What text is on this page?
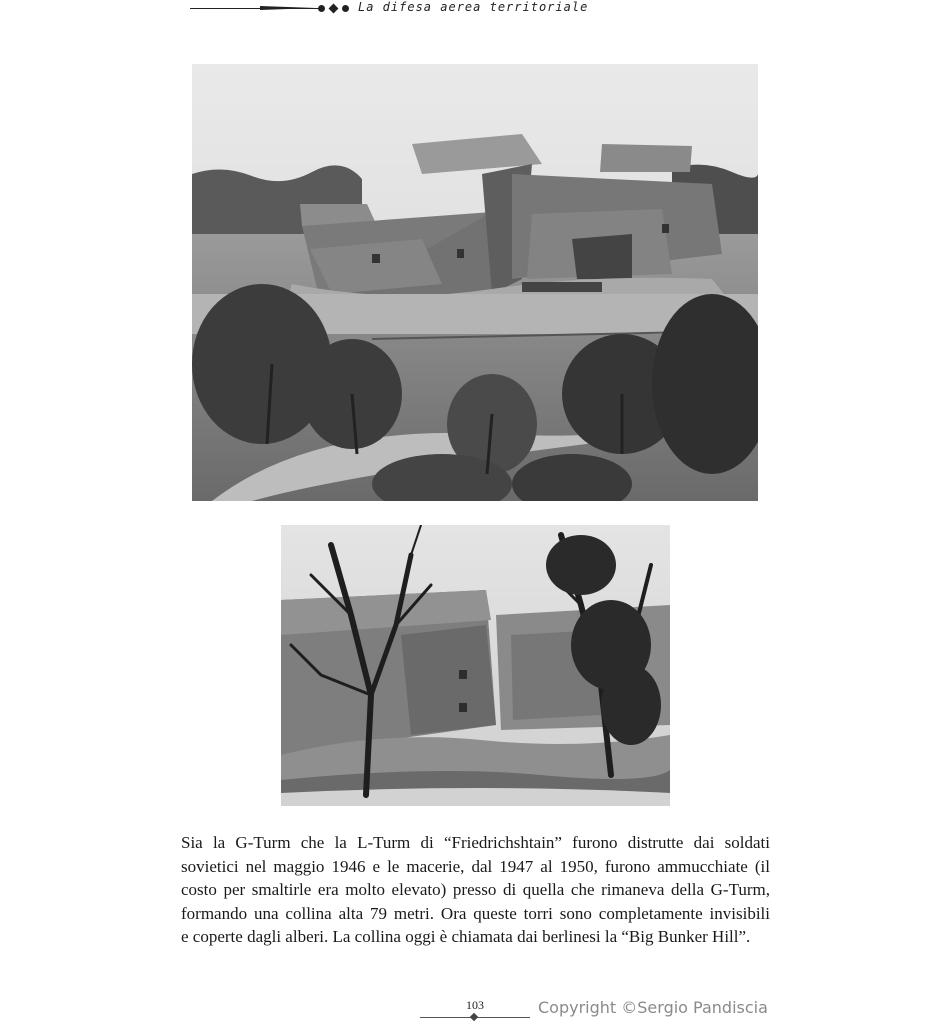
La difesa aerea territoriale
Sia la G-Turm che la L-Turm di “Friedrichshtain” furono distrutte dai soldati
sovietici nel maggio 1946 e le macerie, dal 1947 al 1950, furono ammucchiate (il
costo per smaltirle era molto elevato) presso di quella che rimaneva della G-Turm,
formando una collina alta 79 metri. Ora queste torri sono completamente invisibili
e coperte dagli alberi. La collina oggi è chiamata dai berlinesi la “Big Bunker Hill”.
103	Copyright ©Sergio Pandiscia
